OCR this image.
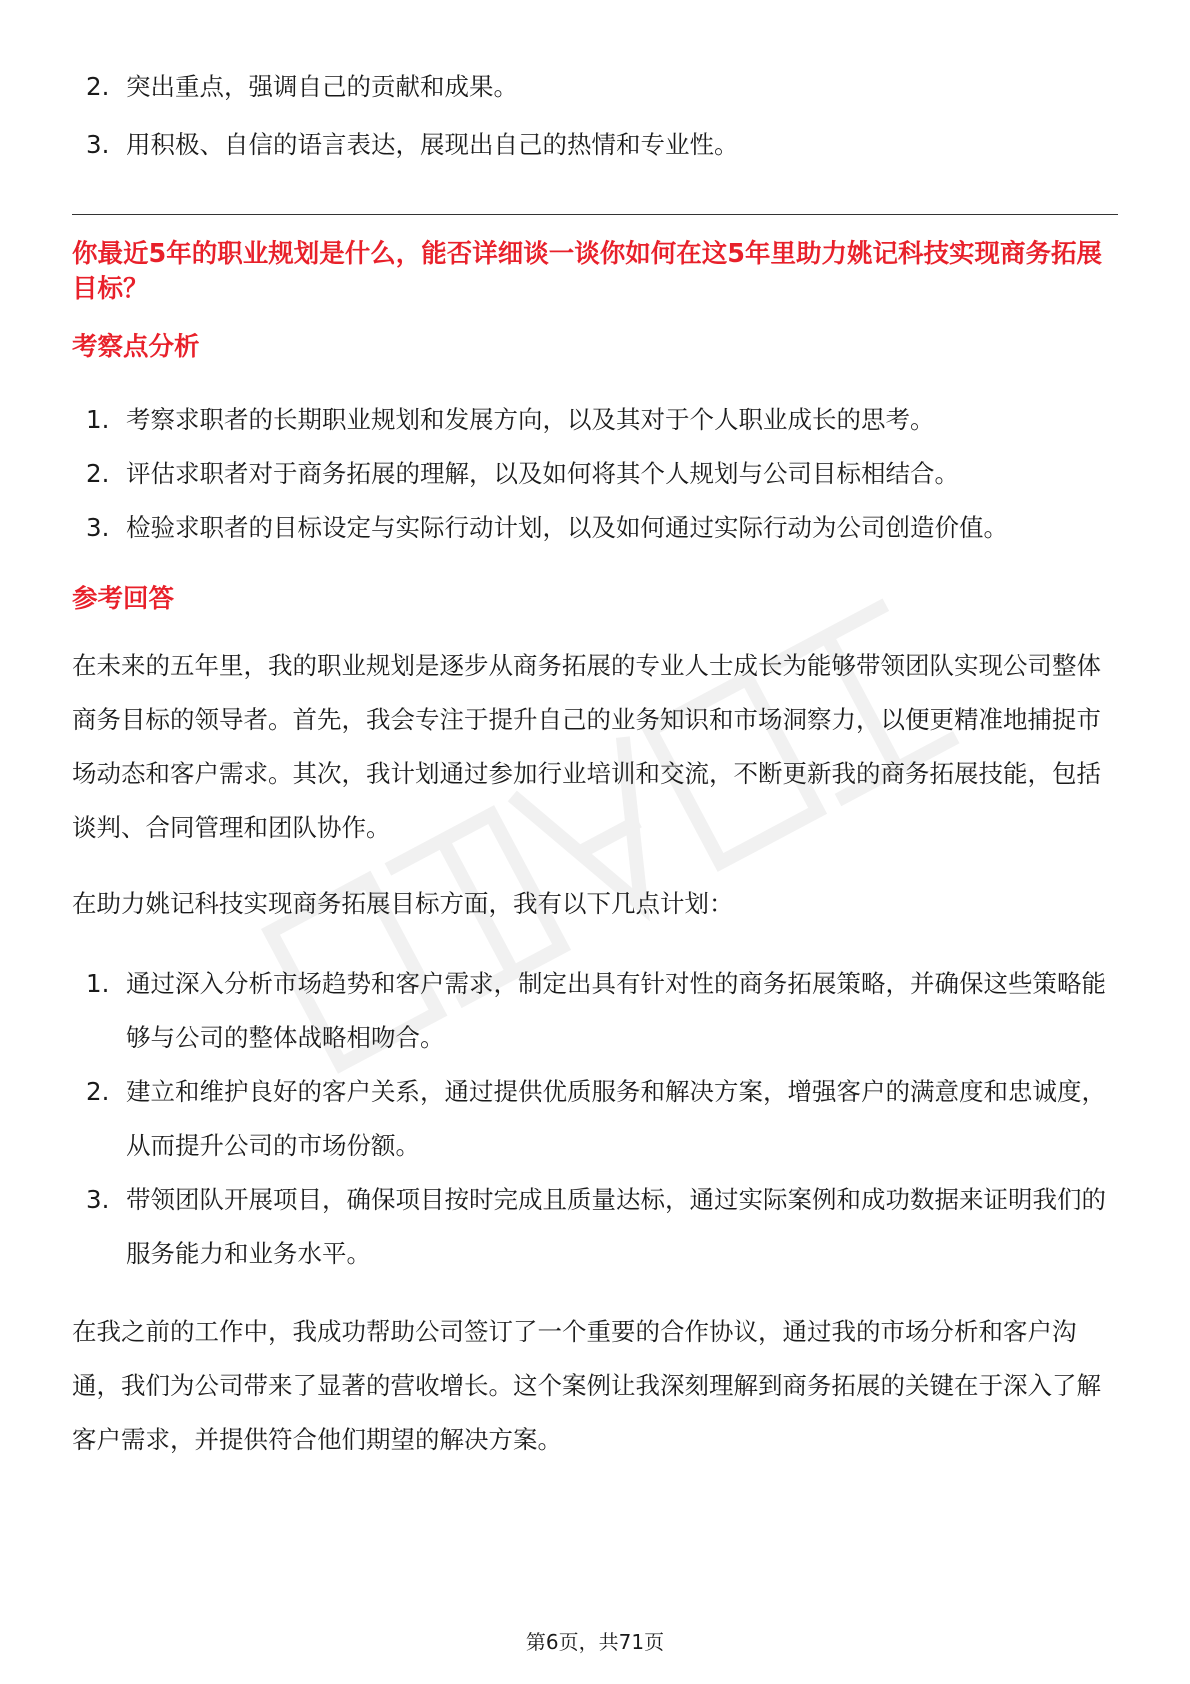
2. 突出重点，强调自己的贡献和成果。
3. 用积极、自信的语言表达，展现出自己的热情和专业性。

你最近5年的职业规划是什么，能否详细谈一谈你如何在这5年里助力姚记科技实现商务拓展目标？

考察点分析

1. 考察求职者的长期职业规划和发展方向，以及其对于个人职业成长的思考。
2. 评估求职者对于商务拓展的理解，以及如何将其个人规划与公司目标相结合。
3. 检验求职者的目标设定与实际行动计划，以及如何通过实际行动为公司创造价值。

参考回答

在未来的五年里，我的职业规划是逐步从商务拓展的专业人士成长为能够带领团队实现公司整体商务目标的领导者。首先，我会专注于提升自己的业务知识和市场洞察力，以便更精准地捕捉市场动态和客户需求。其次，我计划通过参加行业培训和交流，不断更新我的商务拓展技能，包括谈判、合同管理和团队协作。

在助力姚记科技实现商务拓展目标方面，我有以下几点计划：

1. 通过深入分析市场趋势和客户需求，制定出具有针对性的商务拓展策略，并确保这些策略能够与公司的整体战略相吻合。
2. 建立和维护良好的客户关系，通过提供优质服务和解决方案，增强客户的满意度和忠诚度，从而提升公司的市场份额。
3. 带领团队开展项目，确保项目按时完成且质量达标，通过实际案例和成功数据来证明我们的服务能力和业务水平。

在我之前的工作中，我成功帮助公司签订了一个重要的合作协议，通过我的市场分析和客户沟通，我们为公司带来了显著的营收增长。这个案例让我深刻理解到商务拓展的关键在于深入了解客户需求，并提供符合他们期望的解决方案。

第6页，共71页
